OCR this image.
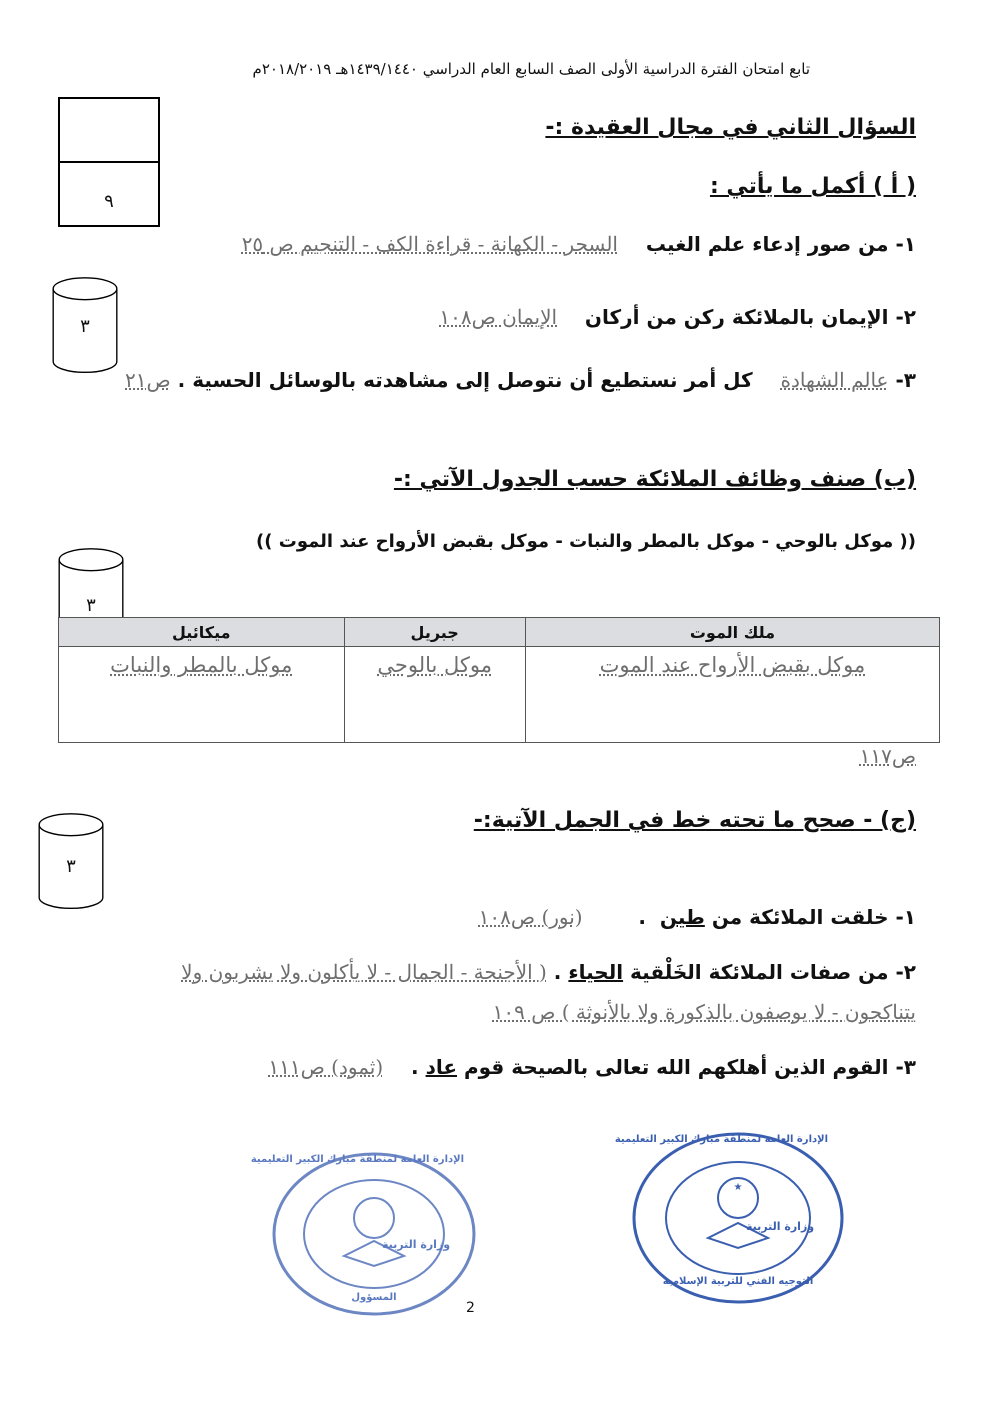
تابع امتحان الفترة الدراسية الأولى الصف السابع العام الدراسي ١٤٣٩/١٤٤٠هـ ٢٠١٨/٢٠١٩م
٩
السؤال الثاني في مجال العقيدة :-
( أ ) أكمل ما يأتي :
١- من صور إدعاء علم الغيب    السحر - الكهانة - قراءة الكف - التنجيم ص ٢٥
٣	٢- الإيمان بالملائكة ركن من أركان    الإيمان ص١٠٨
٣- عالم الشهادة    كل أمر نستطيع أن نتوصل إلى مشاهدته بالوسائل الحسية . ص٢١
(ب) صنف وظائف الملائكة حسب الجدول الآتي :-
(( موكل بالوحي - موكل بالمطر والنبات - موكل بقبض الأرواح عند الموت ))
٣
ملك الموت	جبريل	ميكائيل
موكل بقبض الأرواح عند الموت	موكل بالوحي	موكل بالمطر والنبات
ص١١٧
(ج) - صحح ما تحته خط في الجمل الآتية:-
٣
١- خلقت الملائكة من طين  .        (نور) ص١٠٨
٢- من صفات الملائكة الخَلْقية الحياء . ( الأجنحة - الجمال - لا يأكلون ولا يشربون ولا
يتناكحون - لا يوصفون بالذكورة ولا بالأنوثة ) ص ١٠٩
٣- القوم الذين أهلكهم الله تعالى بالصيحة قوم عاد .    (ثمود) ص١١١
★
الإدارة العامة لمنطقة مبارك الكبير التعليمية
وزارة التربية
التوجيه الفني للتربية الإسلامية
الإدارة العامة لمنطقة مبارك الكبير التعليمية
وزارة التربية
المسؤول
2
